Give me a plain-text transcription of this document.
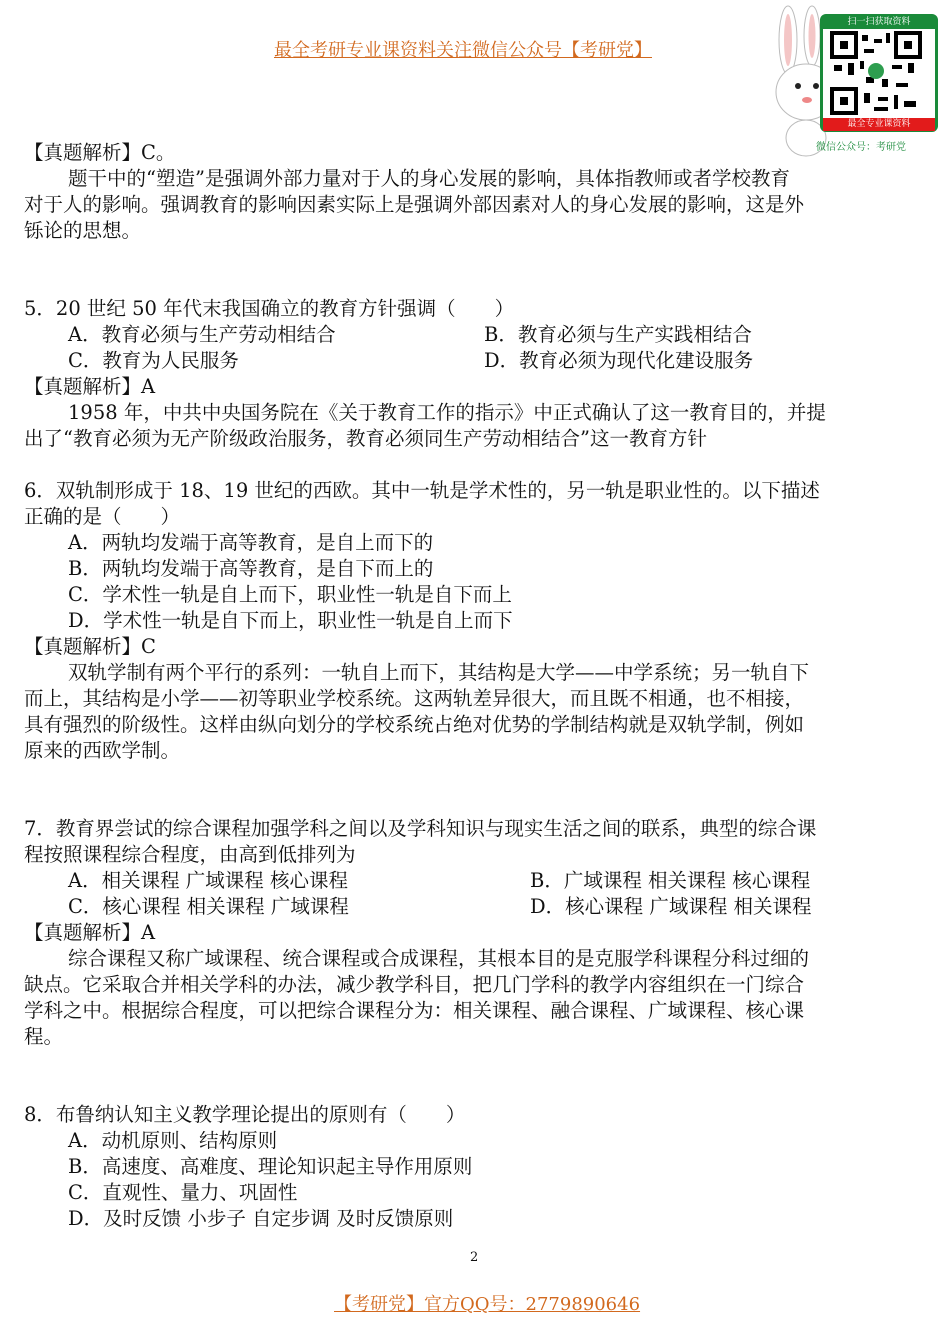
最全考研专业课资料关注微信公众号【考研党】
扫一扫获取资料
最全专业课资料
微信公众号：考研党
【真题解析】C。
题干中的“塑造”是强调外部力量对于人的身心发展的影响，具体指教师或者学校教育
对于人的影响。强调教育的影响因素实际上是强调外部因素对人的身心发展的影响，这是外
铄论的思想。
5．20 世纪 50 年代末我国确立的教育方针强调（　　）
A．教育必须与生产劳动相结合	B．教育必须与生产实践相结合
C．教育为人民服务	D．教育必须为现代化建设服务
【真题解析】A
1958 年，中共中央国务院在《关于教育工作的指示》中正式确认了这一教育目的，并提
出了“教育必须为无产阶级政治服务，教育必须同生产劳动相结合”这一教育方针
6．双轨制形成于 18、19 世纪的西欧。其中一轨是学术性的，另一轨是职业性的。以下描述
正确的是（　　）
A．两轨均发端于高等教育，是自上而下的
B．两轨均发端于高等教育，是自下而上的
C．学术性一轨是自上而下，职业性一轨是自下而上
D．学术性一轨是自下而上，职业性一轨是自上而下
【真题解析】C
双轨学制有两个平行的系列：一轨自上而下，其结构是大学——中学系统；另一轨自下
而上，其结构是小学——初等职业学校系统。这两轨差异很大，而且既不相通，也不相接，
具有强烈的阶级性。这样由纵向划分的学校系统占绝对优势的学制结构就是双轨学制，例如
原来的西欧学制。
7．教育界尝试的综合课程加强学科之间以及学科知识与现实生活之间的联系，典型的综合课
程按照课程综合程度，由高到低排列为
A．相关课程 广域课程 核心课程	B．广域课程 相关课程 核心课程
C．核心课程 相关课程 广域课程	D．核心课程 广域课程 相关课程
【真题解析】A
综合课程又称广域课程、统合课程或合成课程，其根本目的是克服学科课程分科过细的
缺点。它采取合并相关学科的办法，减少教学科目，把几门学科的教学内容组织在一门综合
学科之中。根据综合程度，可以把综合课程分为：相关课程、融合课程、广域课程、核心课
程。
8．布鲁纳认知主义教学理论提出的原则有（　　）
A．动机原则、结构原则
B．高速度、高难度、理论知识起主导作用原则
C．直观性、量力、巩固性
D．及时反馈 小步子 自定步调 及时反馈原则
2
【考研党】官方QQ号：2779890646
